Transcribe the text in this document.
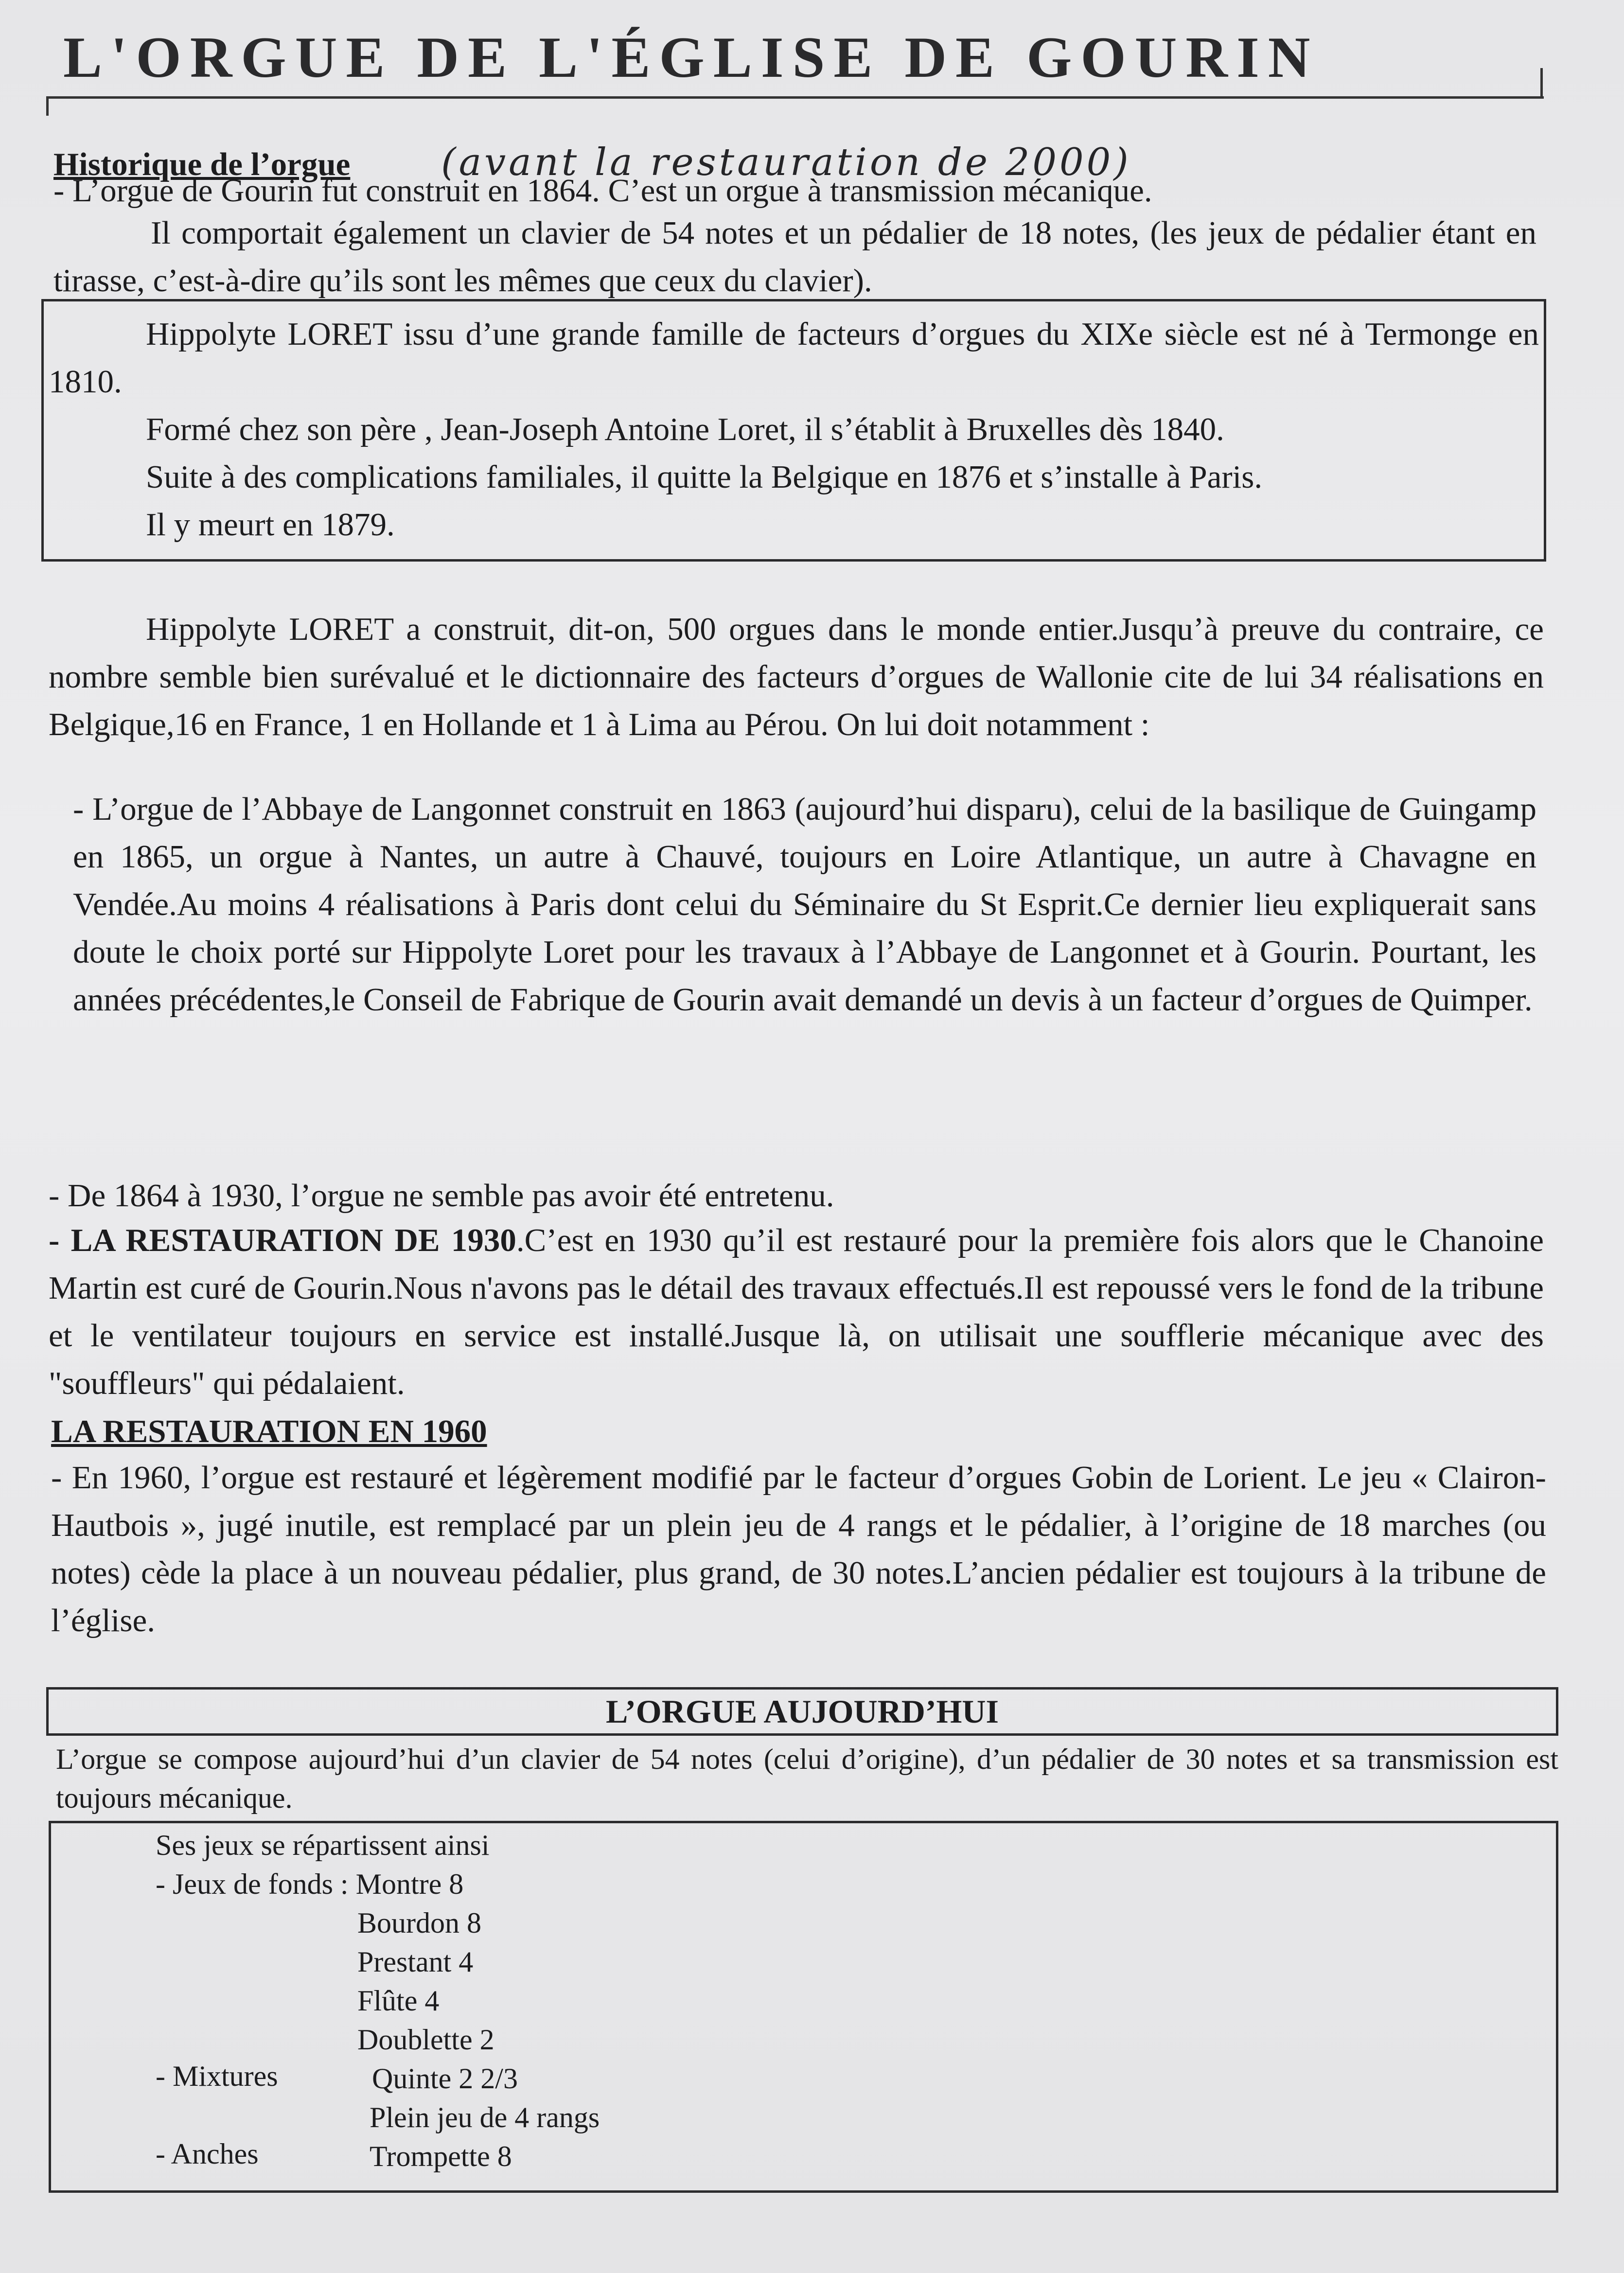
L'ORGUE DE L'ÉGLISE DE GOURIN
Historique de l’orgue (avant la restauration de 2000)

- L’orgue de Gourin fut construit en 1864. C’est un orgue à transmission mécanique.

Il comportait également un clavier de 54 notes et un pédalier de 18 notes, (les jeux de pédalier étant en tirasse, c’est-à-dire qu’ils sont les mêmes que ceux du clavier).

Hippolyte LORET issu d’une grande famille de facteurs d’orgues du XIXe siècle est né à Termonge en 1810.

Formé chez son père , Jean-Joseph Antoine Loret, il s’établit à Bruxelles dès 1840.

Suite à des complications familiales, il quitte la Belgique en 1876 et s’installe à Paris.

Il y meurt en 1879.

Hippolyte LORET a construit, dit-on, 500 orgues dans le monde entier.Jusqu’à preuve du contraire, ce nombre semble bien surévalué et le dictionnaire des facteurs d’orgues de Wallonie cite de lui 34 réalisations en Belgique,16 en France, 1 en Hollande et 1 à Lima au Pérou. On lui doit notamment :

- L’orgue de l’Abbaye de Langonnet construit en 1863 (aujourd’hui disparu), celui de la basilique de Guingamp en 1865, un orgue à Nantes, un autre à Chauvé, toujours en Loire Atlantique, un autre à Chavagne en Vendée.Au moins 4 réalisations à Paris dont celui du Séminaire du St Esprit.Ce dernier lieu expliquerait sans doute le choix porté sur Hippolyte Loret pour les travaux à l’Abbaye de Langonnet et à Gourin. Pourtant, les années précédentes,le Conseil de Fabrique de Gourin avait demandé un devis à un facteur d’orgues de Quimper.

- De 1864 à 1930, l’orgue ne semble pas avoir été entretenu.

- LA RESTAURATION DE 1930.C’est en 1930 qu’il est restauré pour la première fois alors que le Chanoine Martin est curé de Gourin.Nous n'avons pas le détail des travaux effectués.Il est repoussé vers le fond de la tribune et le ventilateur toujours en service est installé.Jusque là, on utilisait une soufflerie mécanique avec des "souffleurs" qui pédalaient.

LA RESTAURATION EN 1960

- En 1960, l’orgue est restauré et légèrement modifié par le facteur d’orgues Gobin de Lorient. Le jeu « Clairon-Hautbois », jugé inutile, est remplacé par un plein jeu de 4 rangs et le pédalier, à l’origine de 18 marches (ou notes) cède la place à un nouveau pédalier, plus grand, de 30 notes.L’ancien pédalier est toujours à la tribune de l’église.

L’ORGUE AUJOURD’HUI

L’orgue se compose aujourd’hui d’un clavier de 54 notes (celui d’origine), d’un pédalier de 30 notes et sa transmission est toujours mécanique.

Ses jeux se répartissent ainsi
- Jeux de fonds : Montre 8
Bourdon 8
Prestant 4
Flûte 4
Doublette 2
- Mixtures	Quinte 2 2/3
Plein jeu de 4 rangs
- Anches	Trompette 8
